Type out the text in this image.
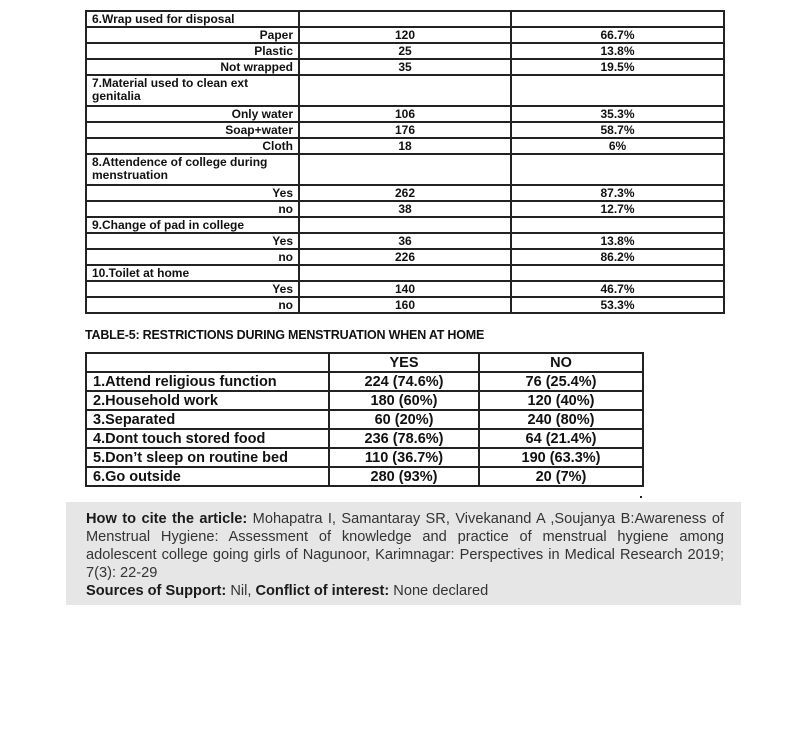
6.Wrap used for disposal		
Paper	120	66.7%
Plastic	25	13.8%
Not wrapped	35	19.5%
7.Material used to clean ext genitalia		
Only water	106	35.3%
Soap+water	176	58.7%
Cloth	18	6%
8.Attendence of college during menstruation		
Yes	262	87.3%
no	38	12.7%
9.Change of pad in college		
Yes	36	13.8%
no	226	86.2%
10.Toilet at home		
Yes	140	46.7%
no	160	53.3%
TABLE-5: RESTRICTIONS DURING MENSTRUATION WHEN AT HOME
	YES	NO
1.Attend religious function	224 (74.6%)	76 (25.4%)
2.Household work	180 (60%)	120 (40%)
3.Separated	60 (20%)	240 (80%)
4.Dont touch stored food	236 (78.6%)	64 (21.4%)
5.Don’t sleep on routine bed	110 (36.7%)	190 (63.3%)
6.Go outside	280 (93%)	20 (7%)

How to cite the article: Mohapatra I, Samantaray SR, Vivekanand A ,Soujanya B:Awareness of Menstrual Hygiene: Assessment of knowledge and practice of menstrual hygiene among adolescent college going girls of Nagunoor, Karimnagar: Perspectives in Medical Research 2019; 7(3): 22-29

Sources of Support: Nil, Conflict of interest: None declared
